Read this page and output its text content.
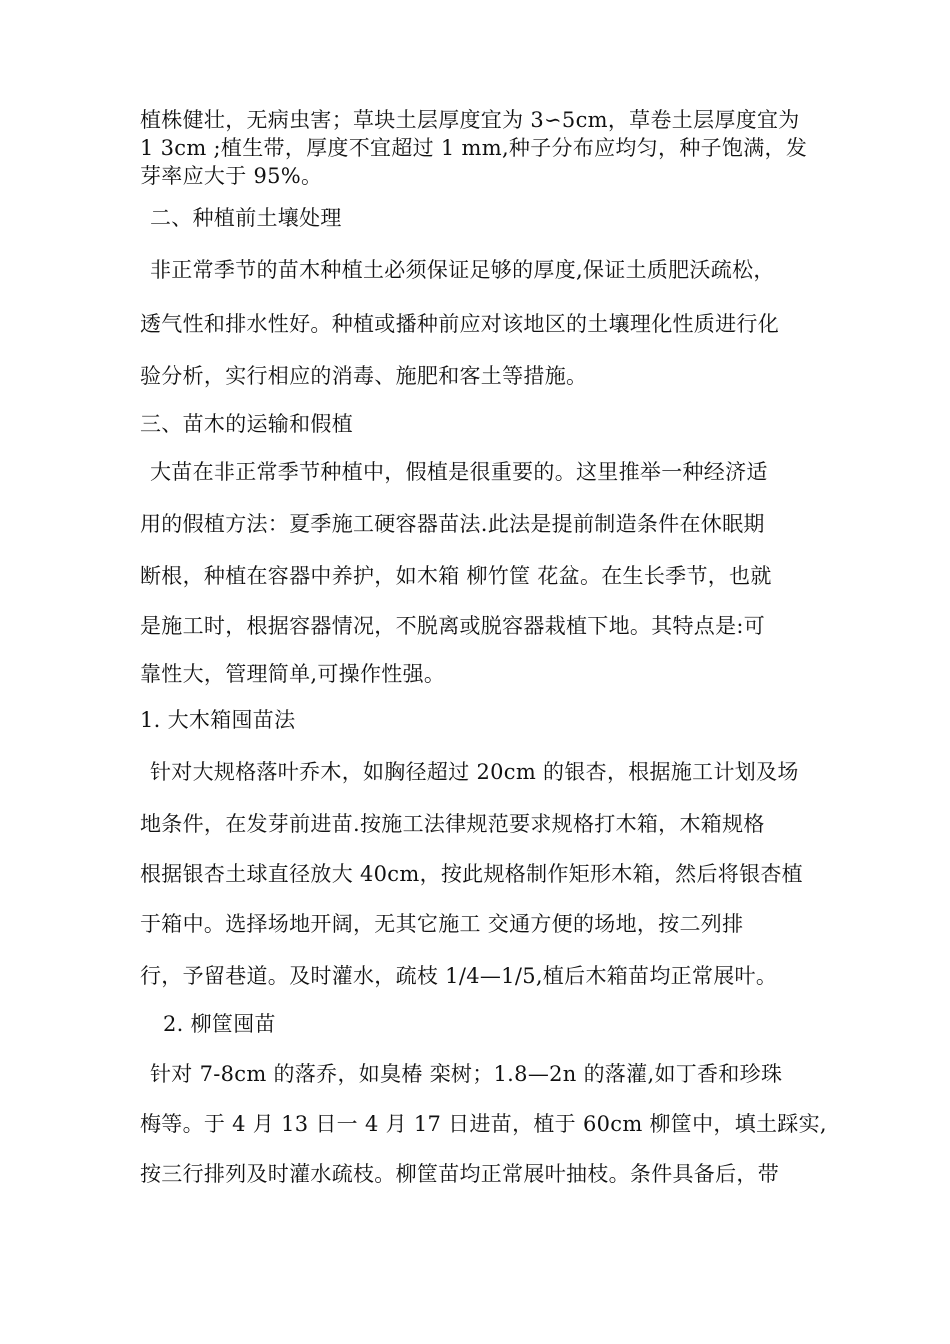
植株健壮，无病虫害；草块土层厚度宜为 3∽5cm，草卷土层厚度宜为
1 3cm ;植生带，厚度不宜超过 1 mm,种子分布应均匀，种子饱满，发
芽率应大于 95%。
二、种植前土壤处理
非正常季节的苗木种植土必须保证足够的厚度,保证土质肥沃疏松，
透气性和排水性好。种植或播种前应对该地区的土壤理化性质进行化
验分析，实行相应的消毒、施肥和客土等措施。
三、苗木的运输和假植
大苗在非正常季节种植中，假植是很重要的。这里推举一种经济适
用的假植方法：夏季施工硬容器苗法.此法是提前制造条件在休眠期
断根，种植在容器中养护，如木箱 柳竹筐 花盆。在生长季节，也就
是施工时，根据容器情况，不脱离或脱容器栽植下地。其特点是:可
靠性大，管理简单,可操作性强。
1. 大木箱囤苗法
针对大规格落叶乔木，如胸径超过 20cm 的银杏，根据施工计划及场
地条件，在发芽前进苗.按施工法律规范要求规格打木箱，木箱规格
根据银杏土球直径放大 40cm，按此规格制作矩形木箱，然后将银杏植
于箱中。选择场地开阔，无其它施工 交通方便的场地，按二列排
行，予留巷道。及时灌水，疏枝 1/4—1/5,植后木箱苗均正常展叶。
2. 柳筐囤苗
针对 7-8cm 的落乔，如臭椿 栾树；1.8—2n 的落灌,如丁香和珍珠
梅等。于 4 月 13 日一 4 月 17 日进苗，植于 60cm 柳筐中，填土踩实,
按三行排列及时灌水疏枝。柳筐苗均正常展叶抽枝。条件具备后，带
